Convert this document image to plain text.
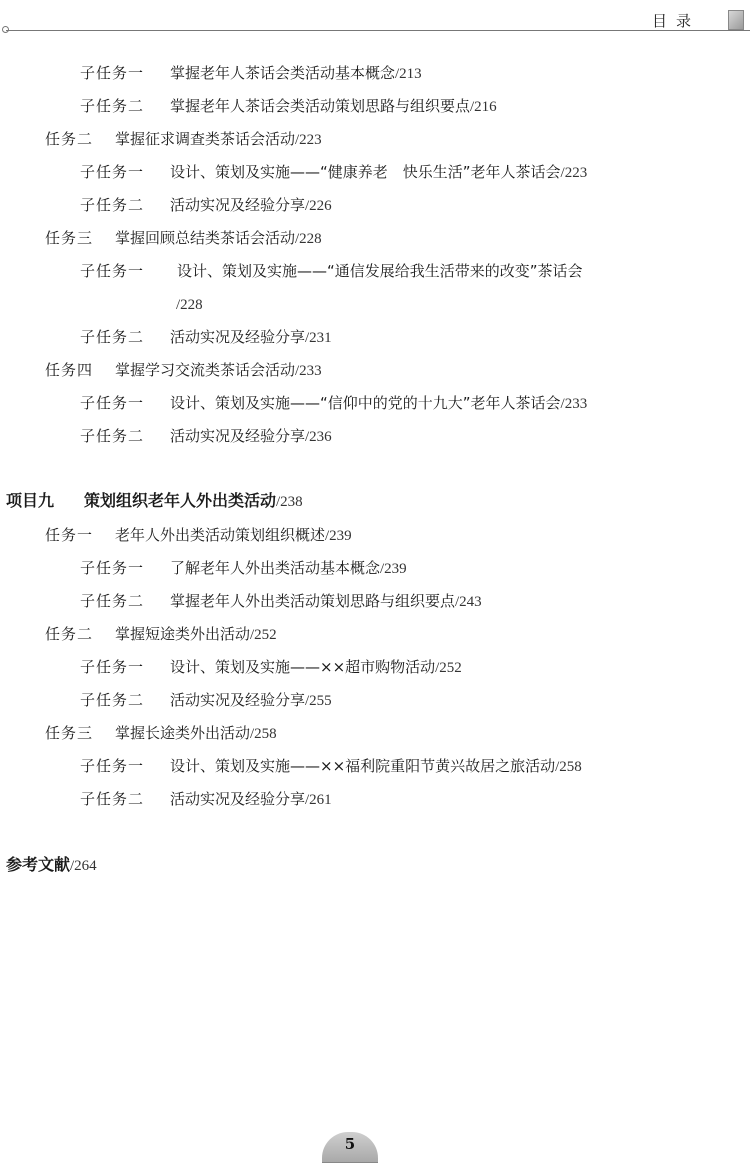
目录
子任务一 掌握老年人茶话会类活动基本概念/213
子任务二 掌握老年人茶话会类活动策划思路与组织要点/216
任务二 掌握征求调查类茶话会活动/223
子任务一 设计、策划及实施——“健康养老　快乐生活”老年人茶话会/223
子任务二 活动实况及经验分享/226
任务三 掌握回顾总结类茶话会活动/228
子任务一 设计、策划及实施——“通信发展给我生活带来的改变”茶话会
/228
子任务二 活动实况及经验分享/231
任务四 掌握学习交流类茶话会活动/233
子任务一 设计、策划及实施——“信仰中的党的十九大”老年人茶话会/233
子任务二 活动实况及经验分享/236
项目九 策划组织老年人外出类活动/238
任务一 老年人外出类活动策划组织概述/239
子任务一 了解老年人外出类活动基本概念/239
子任务二 掌握老年人外出类活动策划思路与组织要点/243
任务二 掌握短途类外出活动/252
子任务一 设计、策划及实施——××超市购物活动/252
子任务二 活动实况及经验分享/255
任务三 掌握长途类外出活动/258
子任务一 设计、策划及实施——××福利院重阳节黄兴故居之旅活动/258
子任务二 活动实况及经验分享/261
参考文献/264
5
